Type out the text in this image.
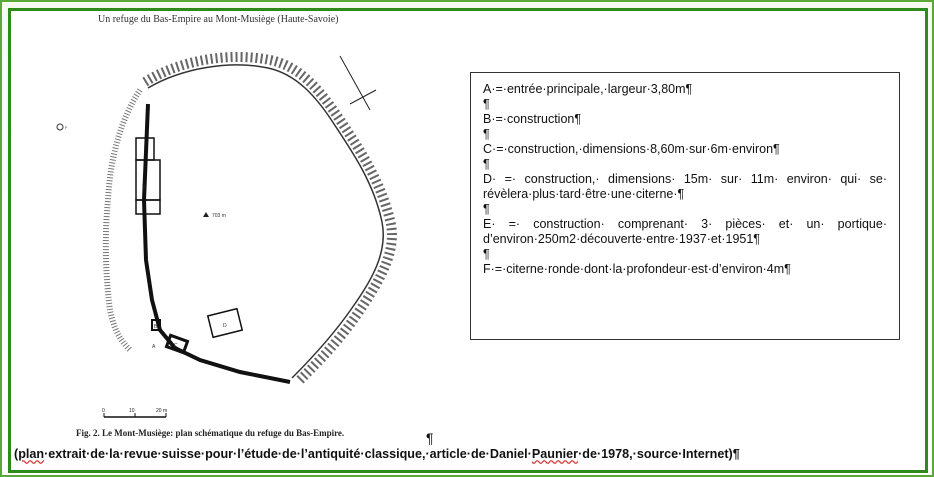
Un refuge du Bas-Empire au Mont-Musiège (Haute-Savoie)
E
703 m
D
C
B
A
F
0	10	20 m
Fig. 2. Le Mont-Musiège: plan schématique du refuge du Bas-Empire.

A·=·entrée·principale,·largeur·3,80m¶

¶

B·=·construction¶

¶

C·=·construction,·dimensions·8,60m·sur·6m·environ¶

¶

D· =· construction,· dimensions· 15m· sur· 11m· environ· qui· se· révèlera·plus·tard·être·une·citerne·¶

¶

E· =· construction· comprenant· 3· pièces· et· un· portique· d’environ·250m2·découverte·entre·1937·et·1951¶

¶

F·=·citerne·ronde·dont·la·profondeur·est·d’environ·4m¶

¶
(plan·extrait·de·la·revue·suisse·pour·l’étude·de·l’antiquité·classique,·article·de·Daniel·Paunier·de·1978,·source·Internet)¶
